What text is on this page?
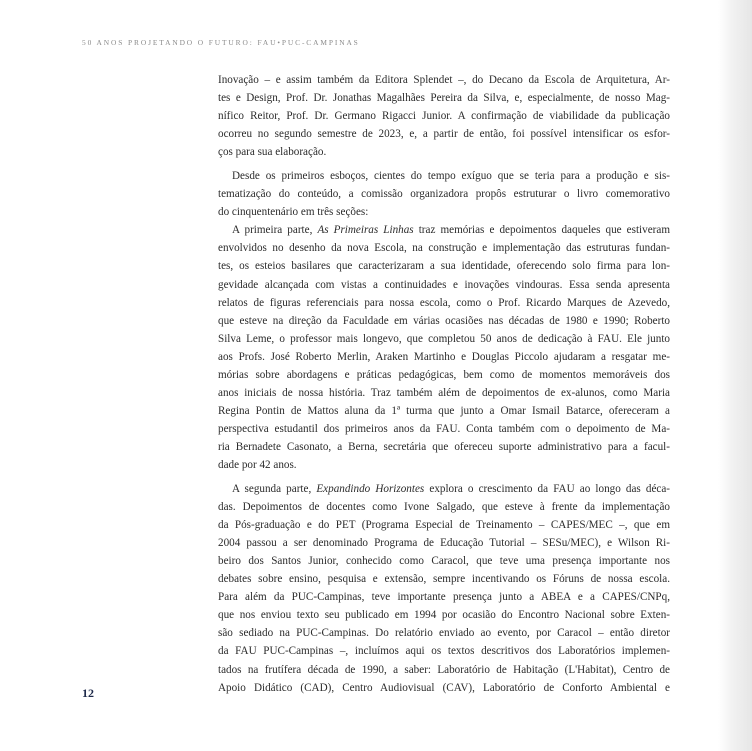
50 ANOS PROJETANDO O FUTURO: FAU•PUC-CAMPINAS
Inovação – e assim também da Editora Splendet –, do Decano da Escola de Arquitetura, Ar-
tes e Design, Prof. Dr. Jonathas Magalhães Pereira da Silva, e, especialmente, de nosso Mag-
nífico Reitor, Prof. Dr. Germano Rigacci Junior. A confirmação de viabilidade da publicação
ocorreu no segundo semestre de 2023, e, a partir de então, foi possível intensificar os esfor-
ços para sua elaboração.
Desde os primeiros esboços, cientes do tempo exíguo que se teria para a produção e sis-
tematização do conteúdo, a comissão organizadora propôs estruturar o livro comemorativo
do cinquentenário em três seções:
A primeira parte, As Primeiras Linhas traz memórias e depoimentos daqueles que estiveram
envolvidos no desenho da nova Escola, na construção e implementação das estruturas fundan-
tes, os esteios basilares que caracterizaram a sua identidade, oferecendo solo firma para lon-
gevidade alcançada com vistas a continuidades e inovações vindouras. Essa senda apresenta
relatos de figuras referenciais para nossa escola, como o Prof. Ricardo Marques de Azevedo,
que esteve na direção da Faculdade em várias ocasiões nas décadas de 1980 e 1990; Roberto
Silva Leme, o professor mais longevo, que completou 50 anos de dedicação à FAU. Ele junto
aos Profs. José Roberto Merlin, Araken Martinho e Douglas Piccolo ajudaram a resgatar me-
mórias sobre abordagens e práticas pedagógicas, bem como de momentos memoráveis dos
anos iniciais de nossa história. Traz também além de depoimentos de ex-alunos, como Maria
Regina Pontin de Mattos aluna da 1ª turma que junto a Omar Ismail Batarce, ofereceram a
perspectiva estudantil dos primeiros anos da FAU. Conta também com o depoimento de Ma-
ria Bernadete Casonato, a Berna, secretária que ofereceu suporte administrativo para a facul-
dade por 42 anos.
A segunda parte, Expandindo Horizontes explora o crescimento da FAU ao longo das déca-
das. Depoimentos de docentes como Ivone Salgado, que esteve à frente da implementação
da Pós-graduação e do PET (Programa Especial de Treinamento – CAPES/MEC –, que em
2004 passou a ser denominado Programa de Educação Tutorial – SESu/MEC), e Wilson Ri-
beiro dos Santos Junior, conhecido como Caracol, que teve uma presença importante nos
debates sobre ensino, pesquisa e extensão, sempre incentivando os Fóruns de nossa escola.
Para além da PUC-Campinas, teve importante presença junto a ABEA e a CAPES/CNPq,
que nos enviou texto seu publicado em 1994 por ocasião do Encontro Nacional sobre Exten-
são sediado na PUC-Campinas. Do relatório enviado ao evento, por Caracol – então diretor
da FAU PUC-Campinas –, incluímos aqui os textos descritivos dos Laboratórios implemen-
tados na frutífera década de 1990, a saber: Laboratório de Habitação (L'Habitat), Centro de
Apoio Didático (CAD), Centro Audiovisual (CAV), Laboratório de Conforto Ambiental e
12
